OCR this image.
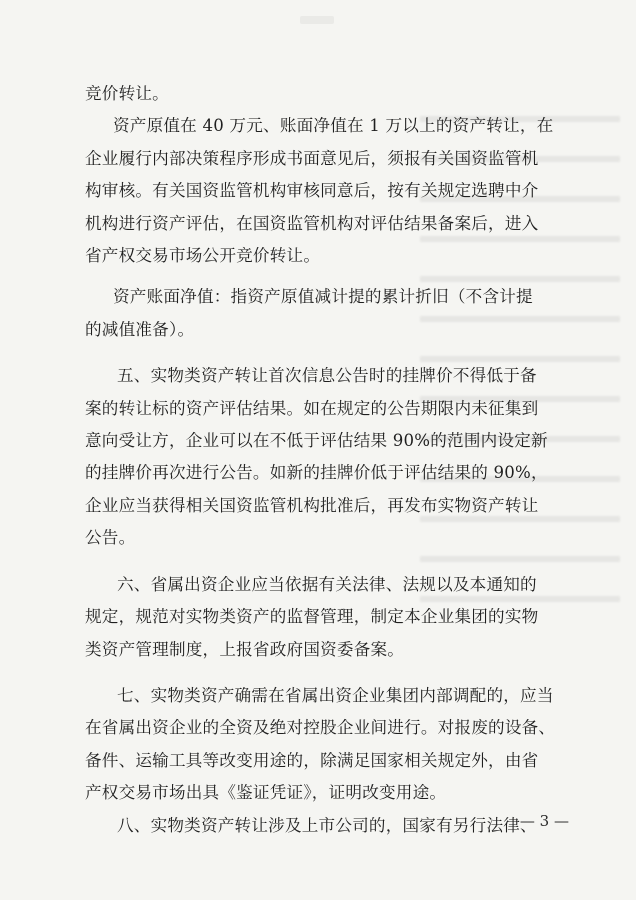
竞价转让。

资产原值在 40 万元、账面净值在 1 万以上的资产转让，在

企业履行内部决策程序形成书面意见后，须报有关国资监管机

构审核。有关国资监管机构审核同意后，按有关规定选聘中介

机构进行资产评估，在国资监管机构对评估结果备案后，进入

省产权交易市场公开竞价转让。

资产账面净值：指资产原值减计提的累计折旧（不含计提

的减值准备）。

五、实物类资产转让首次信息公告时的挂牌价不得低于备

案的转让标的资产评估结果。如在规定的公告期限内未征集到

意向受让方，企业可以在不低于评估结果 90%的范围内设定新

的挂牌价再次进行公告。如新的挂牌价低于评估结果的 90%，

企业应当获得相关国资监管机构批准后，再发布实物资产转让

公告。

六、省属出资企业应当依据有关法律、法规以及本通知的

规定，规范对实物类资产的监督管理，制定本企业集团的实物

类资产管理制度，上报省政府国资委备案。

七、实物类资产确需在省属出资企业集团内部调配的，应当

在省属出资企业的全资及绝对控股企业间进行。对报废的设备、

备件、运输工具等改变用途的，除满足国家相关规定外，由省

产权交易市场出具《鉴证凭证》，证明改变用途。

八、实物类资产转让涉及上市公司的，国家有另行法律、

— 3 —
